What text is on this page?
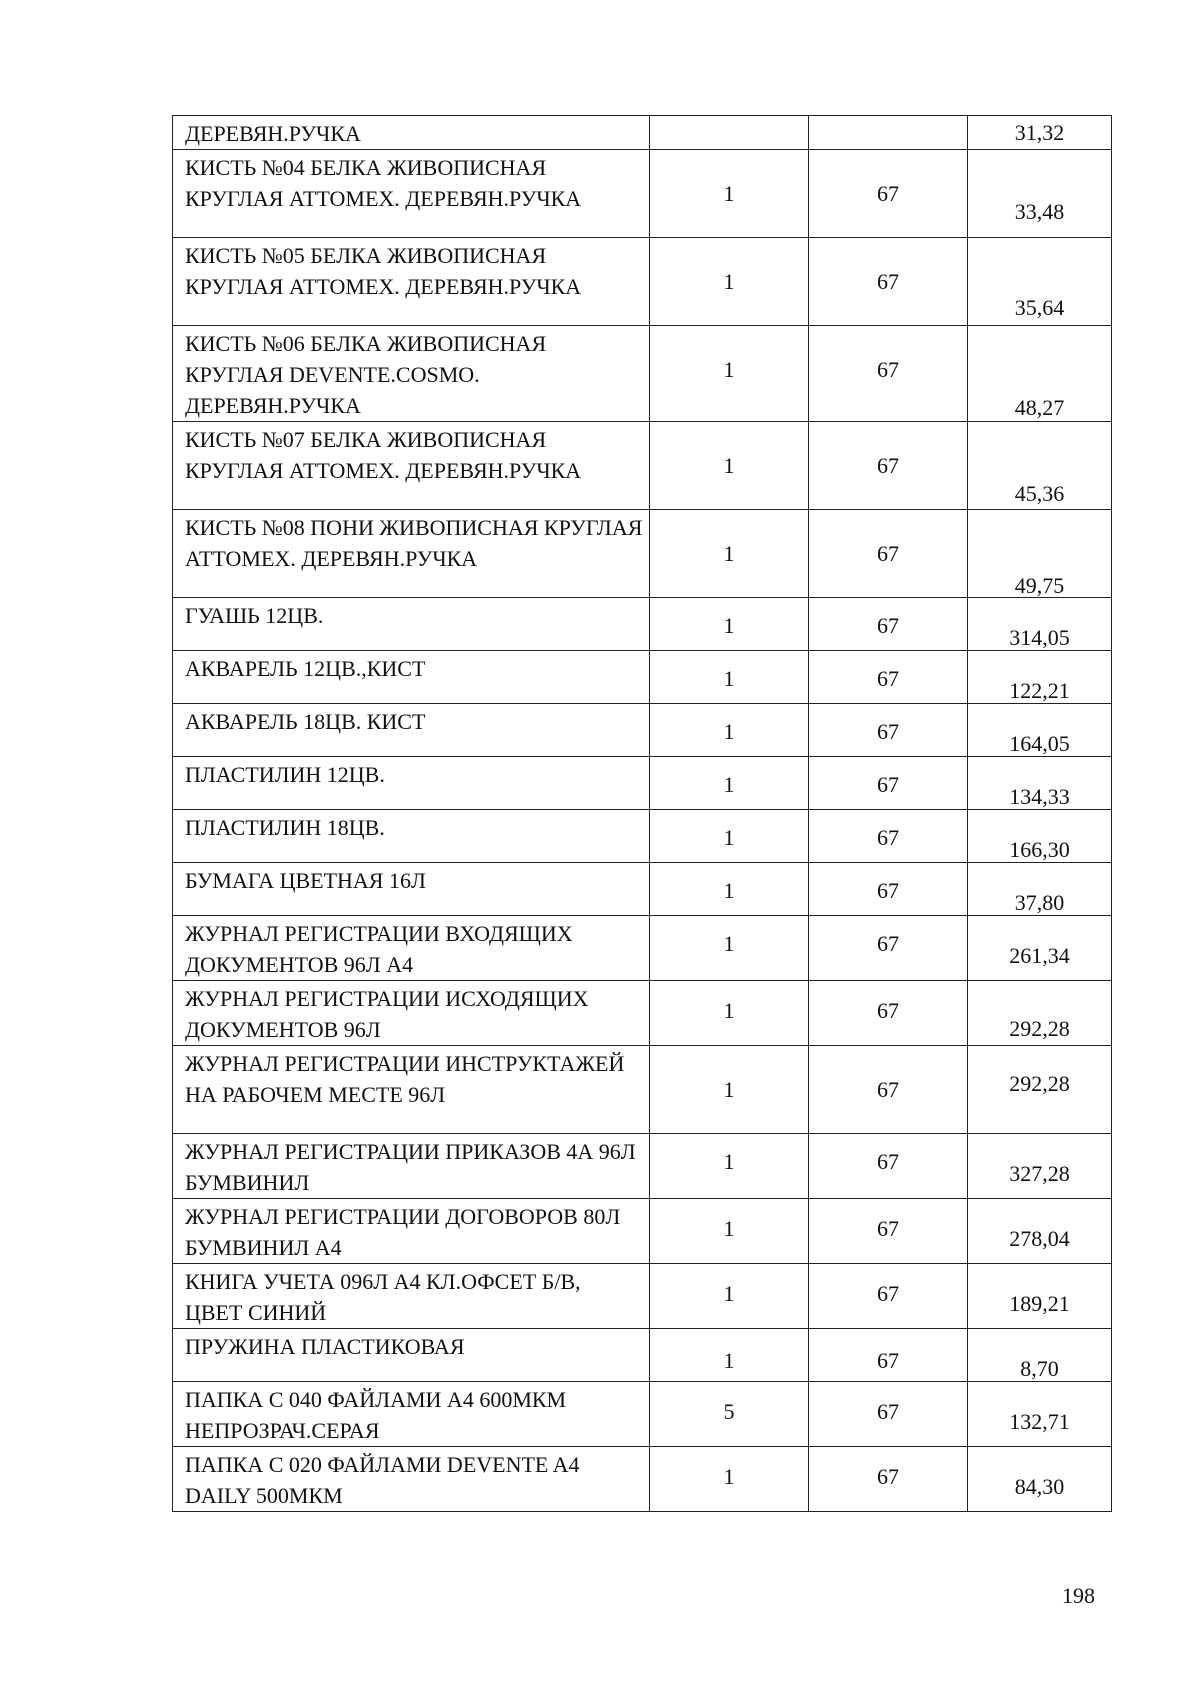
ДЕРЕВЯН.РУЧКА			31,32

КИСТЬ №04 БЕЛКА ЖИВОПИСНАЯ КРУГЛАЯ АТТОМЕХ. ДЕРЕВЯН.РУЧКА	1	67	33,48

КИСТЬ №05 БЕЛКА ЖИВОПИСНАЯ КРУГЛАЯ АТТОМЕХ. ДЕРЕВЯН.РУЧКА	1	67	35,64

КИСТЬ №06 БЕЛКА ЖИВОПИСНАЯ КРУГЛАЯ DEVENTE.COSMO. ДЕРЕВЯН.РУЧКА	1	67	48,27

КИСТЬ №07 БЕЛКА ЖИВОПИСНАЯ КРУГЛАЯ АТТОМЕХ. ДЕРЕВЯН.РУЧКА	1	67	45,36

КИСТЬ №08 ПОНИ ЖИВОПИСНАЯ КРУГЛАЯ АТТОМЕХ. ДЕРЕВЯН.РУЧКА	1	67	49,75

ГУАШЬ 12ЦВ.	1	67	314,05

АКВАРЕЛЬ 12ЦВ.,КИСТ	1	67	122,21

АКВАРЕЛЬ 18ЦВ. КИСТ	1	67	164,05

ПЛАСТИЛИН 12ЦВ.	1	67	134,33

ПЛАСТИЛИН 18ЦВ.	1	67	166,30

БУМАГА ЦВЕТНАЯ 16Л	1	67	37,80

ЖУРНАЛ РЕГИСТРАЦИИ ВХОДЯЩИХ ДОКУМЕНТОВ 96Л А4	1	67	261,34

ЖУРНАЛ РЕГИСТРАЦИИ ИСХОДЯЩИХ ДОКУМЕНТОВ 96Л	1	67	292,28

ЖУРНАЛ РЕГИСТРАЦИИ ИНСТРУКТАЖЕЙ НА РАБОЧЕМ МЕСТЕ 96Л	1	67	292,28

ЖУРНАЛ РЕГИСТРАЦИИ ПРИКАЗОВ 4А 96Л БУМВИНИЛ	1	67	327,28

ЖУРНАЛ РЕГИСТРАЦИИ ДОГОВОРОВ 80Л БУМВИНИЛ А4	1	67	278,04

КНИГА УЧЕТА 096Л А4 КЛ.ОФСЕТ Б/В, ЦВЕТ СИНИЙ	1	67	189,21

ПРУЖИНА ПЛАСТИКОВАЯ	1	67	8,70

ПАПКА С 040 ФАЙЛАМИ А4 600МКМ НЕПРОЗРАЧ.СЕРАЯ	5	67	132,71

ПАПКА С 020 ФАЙЛАМИ DEVENTE A4 DAILY 500МКМ	1	67	84,30
198
